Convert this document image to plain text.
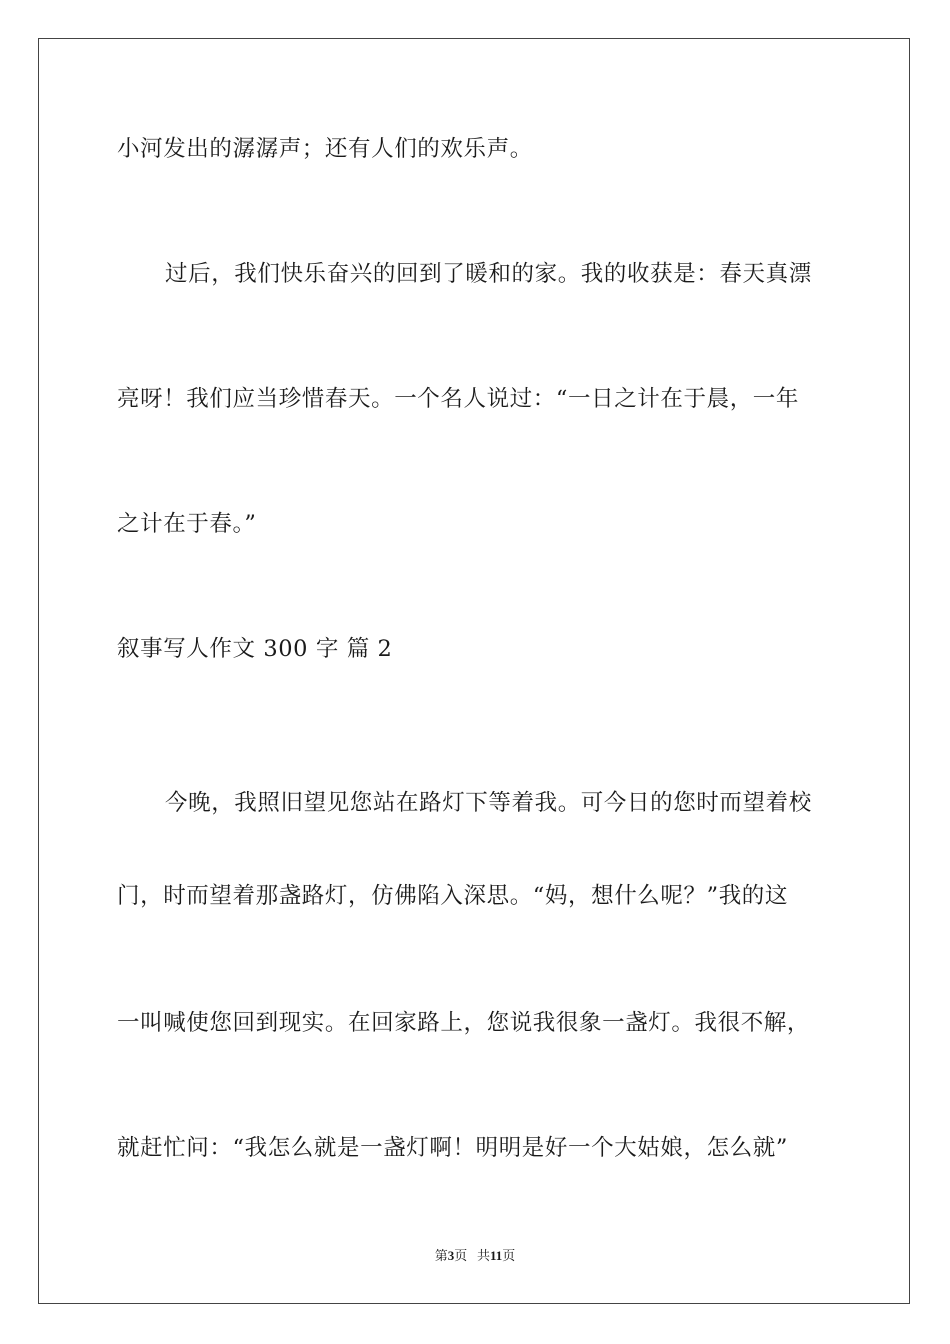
小河发出的潺潺声；还有人们的欢乐声。
过后，我们快乐奋兴的回到了暖和的家。我的收获是：春天真漂
亮呀！我们应当珍惜春天。一个名人说过：“一日之计在于晨，一年
之计在于春。”
叙事写人作文 300 字 篇 2
今晚，我照旧望见您站在路灯下等着我。可今日的您时而望着校
门，时而望着那盏路灯，仿佛陷入深思。“妈，想什么呢？”我的这
一叫喊使您回到现实。在回家路上，您说我很象一盏灯。我很不解，
就赶忙问：“我怎么就是一盏灯啊！明明是好一个大姑娘，怎么就”
第3页 共11页
